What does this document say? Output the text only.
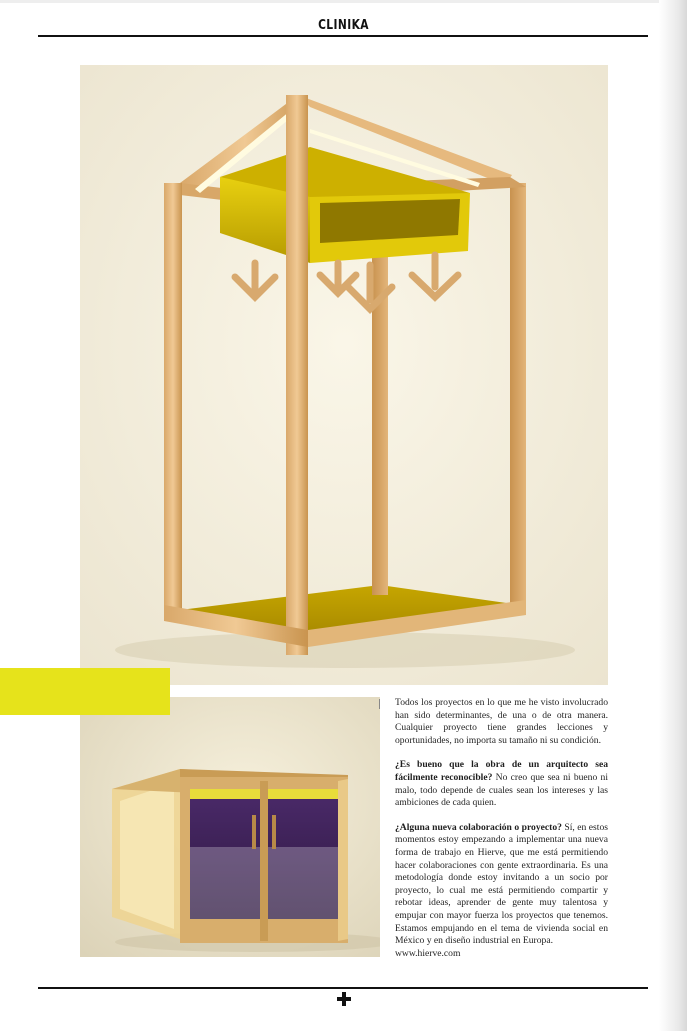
CLINIKA

Todos los proyectos en lo que me he visto involucrado han sido determinantes, de una o de otra manera. Cualquier proyecto tiene grandes lecciones y oportunidades, no importa su tamaño ni su condición.

¿Es bueno que la obra de un arquitecto sea fácilmente reconocible? No creo que sea ni bueno ni malo, todo depende de cuales sean los intereses y las ambiciones de cada quien.

¿Alguna nueva colaboración o proyecto? Sí, en estos momentos estoy empezando a implementar una nueva forma de trabajo en Hierve, que me está permitiendo hacer colaboraciones con gente extraordinaria. Es una metodología donde estoy invitando a un socio por proyecto, lo cual me está permitiendo compartir y rebotar ideas, aprender de gente muy talentosa y empujar con mayor fuerza los proyectos que tenemos. Estamos empujando en el tema de vivienda social en México y en diseño industrial en Europa.

www.hierve.com
